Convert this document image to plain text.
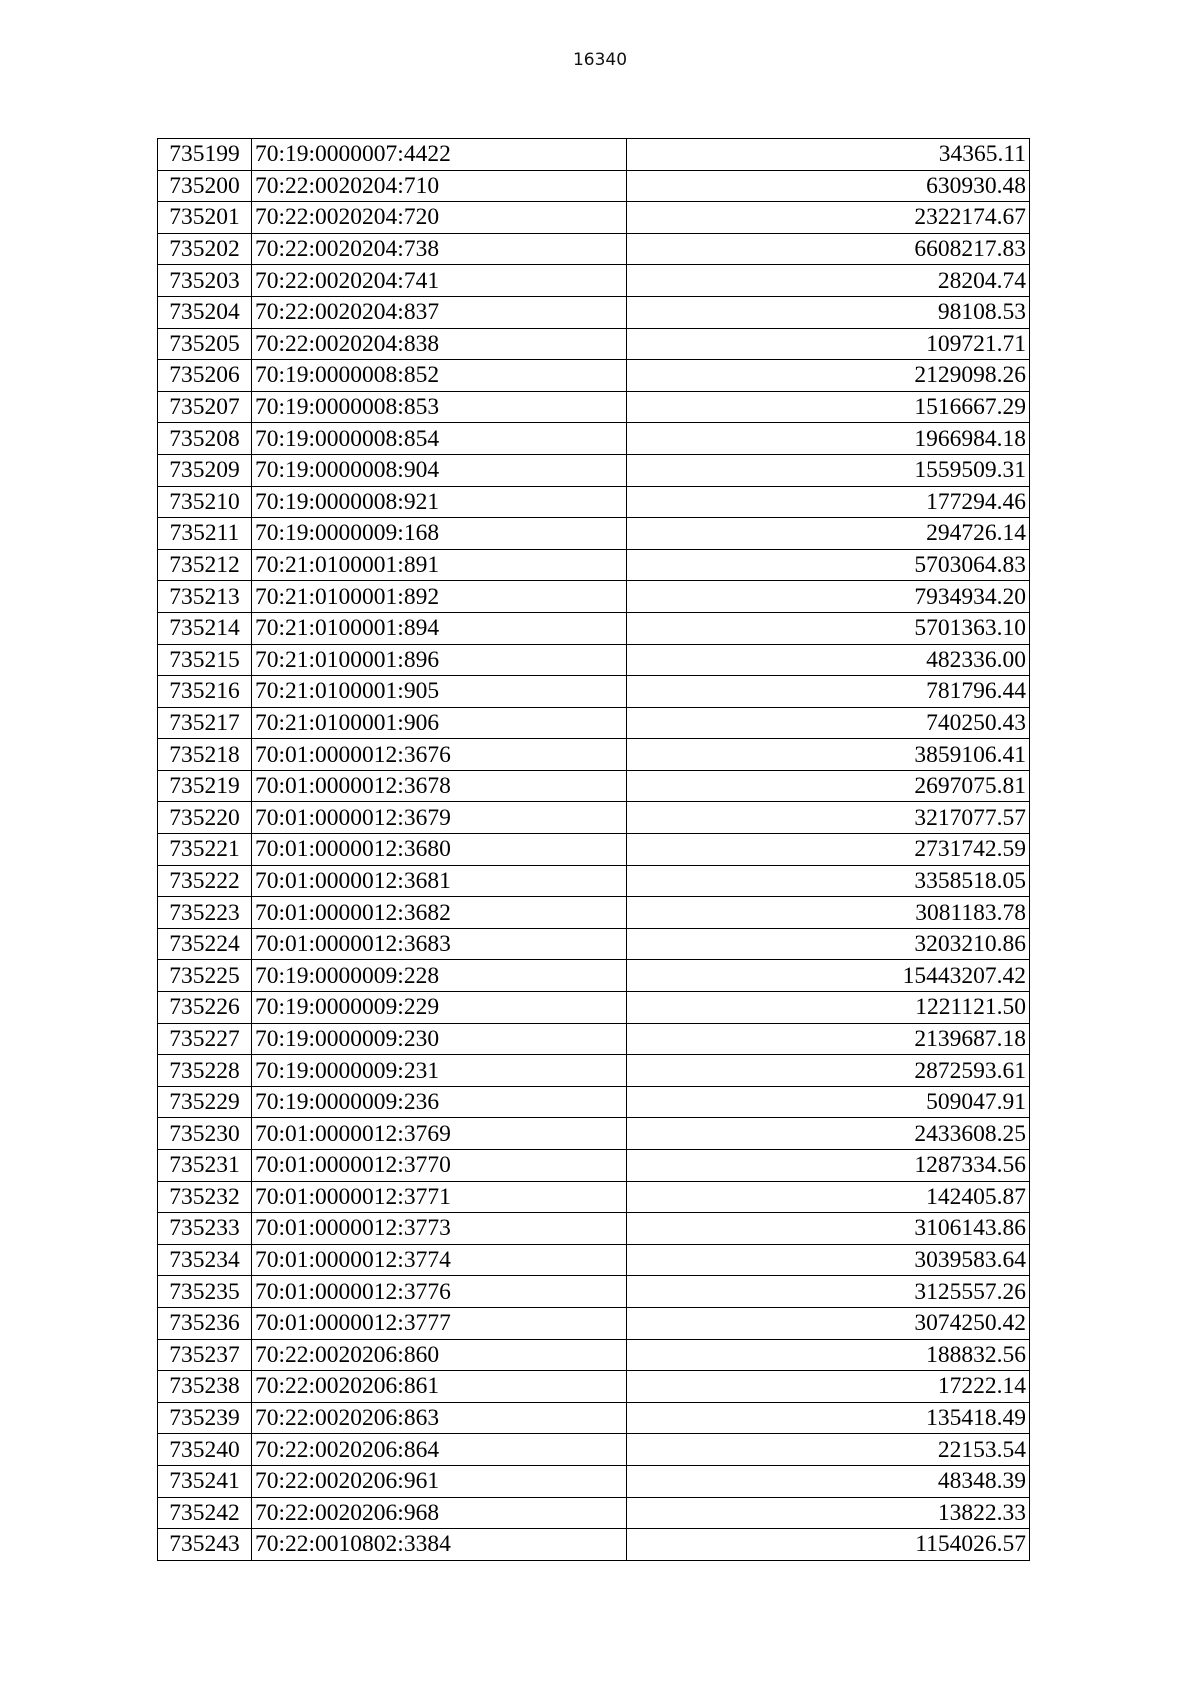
16340
735199	70:19:0000007:4422	34365.11
735200	70:22:0020204:710	630930.48
735201	70:22:0020204:720	2322174.67
735202	70:22:0020204:738	6608217.83
735203	70:22:0020204:741	28204.74
735204	70:22:0020204:837	98108.53
735205	70:22:0020204:838	109721.71
735206	70:19:0000008:852	2129098.26
735207	70:19:0000008:853	1516667.29
735208	70:19:0000008:854	1966984.18
735209	70:19:0000008:904	1559509.31
735210	70:19:0000008:921	177294.46
735211	70:19:0000009:168	294726.14
735212	70:21:0100001:891	5703064.83
735213	70:21:0100001:892	7934934.20
735214	70:21:0100001:894	5701363.10
735215	70:21:0100001:896	482336.00
735216	70:21:0100001:905	781796.44
735217	70:21:0100001:906	740250.43
735218	70:01:0000012:3676	3859106.41
735219	70:01:0000012:3678	2697075.81
735220	70:01:0000012:3679	3217077.57
735221	70:01:0000012:3680	2731742.59
735222	70:01:0000012:3681	3358518.05
735223	70:01:0000012:3682	3081183.78
735224	70:01:0000012:3683	3203210.86
735225	70:19:0000009:228	15443207.42
735226	70:19:0000009:229	1221121.50
735227	70:19:0000009:230	2139687.18
735228	70:19:0000009:231	2872593.61
735229	70:19:0000009:236	509047.91
735230	70:01:0000012:3769	2433608.25
735231	70:01:0000012:3770	1287334.56
735232	70:01:0000012:3771	142405.87
735233	70:01:0000012:3773	3106143.86
735234	70:01:0000012:3774	3039583.64
735235	70:01:0000012:3776	3125557.26
735236	70:01:0000012:3777	3074250.42
735237	70:22:0020206:860	188832.56
735238	70:22:0020206:861	17222.14
735239	70:22:0020206:863	135418.49
735240	70:22:0020206:864	22153.54
735241	70:22:0020206:961	48348.39
735242	70:22:0020206:968	13822.33
735243	70:22:0010802:3384	1154026.57
